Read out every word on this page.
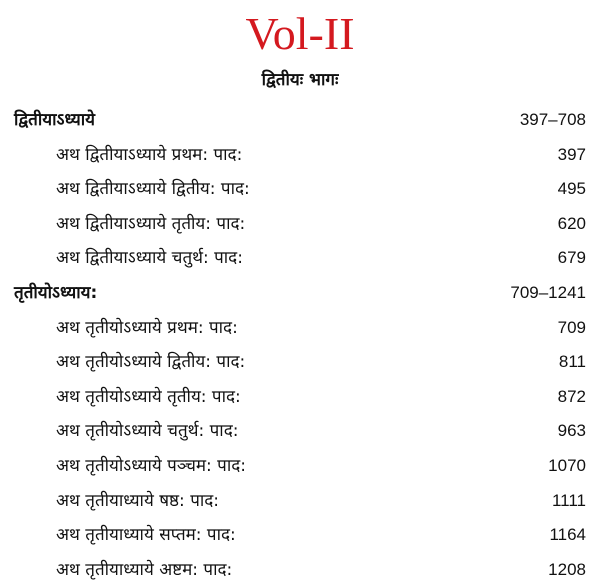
Vol-II
द्वितीयः भागः
द्वितीयाऽध्याये	397–708
अथ द्वितीयाऽध्याये प्रथम: पाद:	397
अथ द्वितीयाऽध्याये द्वितीय: पाद:	495
अथ द्वितीयाऽध्याये तृतीय: पाद:	620
अथ द्वितीयाऽध्याये चतुर्थ: पाद:	679
तृतीयोऽध्याय:	709–1241
अथ तृतीयोऽध्याये प्रथम: पाद:	709
अथ तृतीयोऽध्याये द्वितीय: पाद:	811
अथ तृतीयोऽध्याये तृतीय: पाद:	872
अथ तृतीयोऽध्याये चतुर्थ: पाद:	963
अथ तृतीयोऽध्याये पञ्चम: पाद:	1070
अथ तृतीयाध्याये षष्ठ: पाद:	1111
अथ तृतीयाध्याये सप्तम: पाद:	1164
अथ तृतीयाध्याये अष्टम: पाद:	1208
